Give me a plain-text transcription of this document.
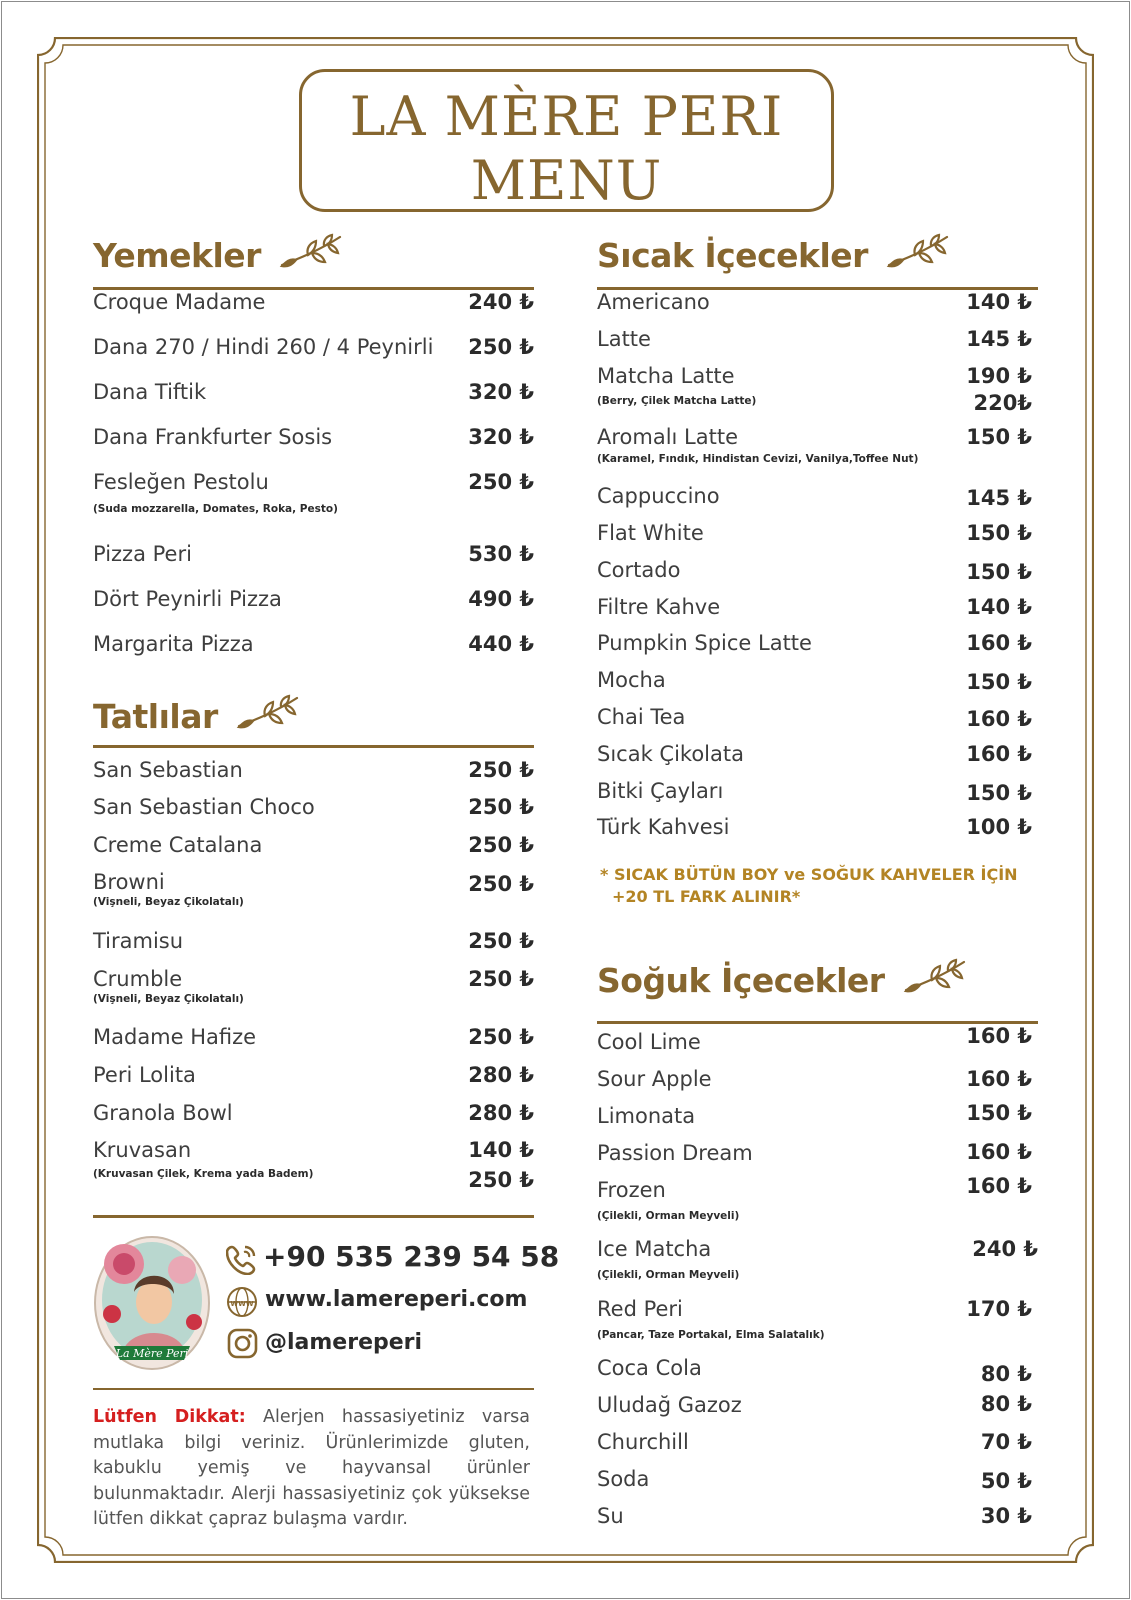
LA MÈRE PERI
MENU
Yemekler
Croque Madame	240 ₺
Dana 270 / Hindi 260 / 4 Peynirli 250 ₺
Dana Tiftik	320 ₺
Dana Frankfurter Sosis	320 ₺
Fesleğen Pestolu	250 ₺
(Suda mozzarella, Domates, Roka, Pesto)
Pizza Peri	530 ₺
Dört Peynirli Pizza	490 ₺
Margarita Pizza	440 ₺
Tatlılar
San Sebastian	250 ₺
San Sebastian Choco	250 ₺
Creme Catalana	250 ₺
Browni	250 ₺
(Vişneli, Beyaz Çikolatalı)
Tiramisu	250 ₺
Crumble	250 ₺
(Vişneli, Beyaz Çikolatalı)
Madame Hafize	250 ₺
Peri Lolita	280 ₺
Granola Bowl	280 ₺
Kruvasan	140 ₺
(Kruvasan Çilek, Krema yada Badem)	250 ₺
La Mère Peri
+90 535 239 54 58
WWW www.lamereperi.com
@lamereperi
Lütfen Dikkat: Alerjen hassasiyetiniz varsa mutlaka bilgi veriniz. Ürünlerimizde gluten, kabuklu yemiş ve hayvansal ürünler bulunmaktadır. Alerji hassasiyetiniz çok yüksekse lütfen dikkat çapraz bulaşma vardır.
Sıcak İçecekler
Americano	140 ₺
Latte	145 ₺
Matcha Latte	190 ₺
(Berry, Çilek Matcha Latte)	220₺
Aromalı Latte	150 ₺
(Karamel, Fındık, Hindistan Cevizi, Vanilya,Toffee Nut)
Cappuccino	145 ₺
Flat White	150 ₺
Cortado	150 ₺
Filtre Kahve	140 ₺
Pumpkin Spice Latte	160 ₺
Mocha	150 ₺
Chai Tea	160 ₺
Sıcak Çikolata	160 ₺
Bitki Çayları	150 ₺
Türk Kahvesi	100 ₺
* SICAK BÜTÜN BOY ve SOĞUK KAHVELER İÇİN
+20 TL FARK ALINIR*
Soğuk İçecekler
Cool Lime	160 ₺
Sour Apple	160 ₺
Limonata	150 ₺
Passion Dream	160 ₺
Frozen	160 ₺
(Çilekli, Orman Meyveli)
Ice Matcha	240 ₺
(Çilekli, Orman Meyveli)
Red Peri	170 ₺
(Pancar, Taze Portakal, Elma Salatalık)
Coca Cola	80 ₺
Uludağ Gazoz	80 ₺
Churchill	70 ₺
Soda	50 ₺
Su	30 ₺
